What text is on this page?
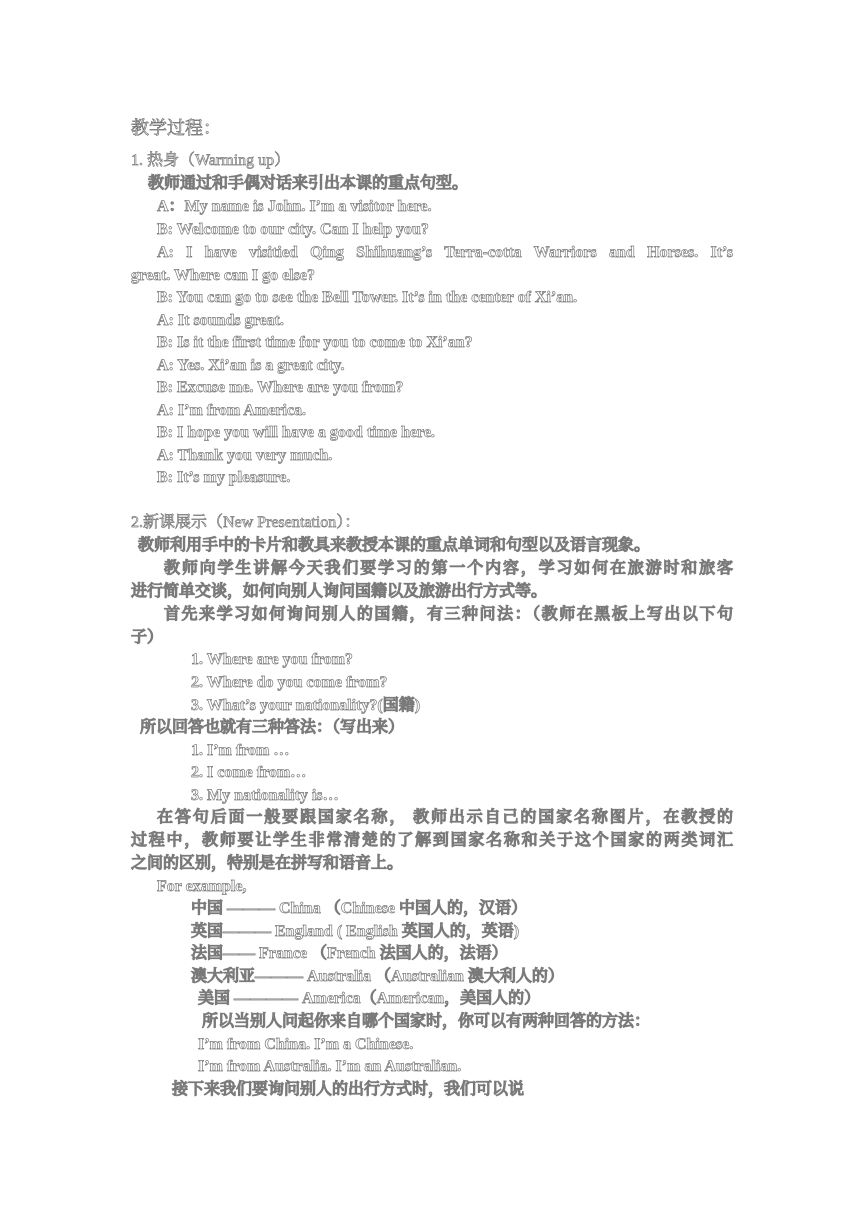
教学过程：
1. 热身（Warming up）
教师通过和手偶对话来引出本课的重点句型。
A：My name is John. I’m a visitor here.
B: Welcome to our city. Can I help you?
A: I have visitied Qing Shihuang’s Terra-cotta Warriors and Horses. It’s
great. Where can I go else?
B: You can go to see the Bell Tower. It’s in the center of Xi’an.
A: It sounds great.
B: Is it the first time for you to come to Xi’an?
A: Yes. Xi’an is a great city.
B: Excuse me. Where are you from?
A: I’m from America.
B: I hope you will have a good time here.
A: Thank you very much.
B: It’s my pleasure.
2.新课展示（New Presentation）：
教师利用手中的卡片和教具来教授本课的重点单词和句型以及语言现象。
教师向学生讲解今天我们要学习的第一个内容，学习如何在旅游时和旅客
进行简单交谈，如何向别人询问国籍以及旅游出行方式等。
首先来学习如何询问别人的国籍，有三种问法：（教师在黑板上写出以下句
子）
1. Where are you from?
2. Where do you come from?
3. What’s your nationality?(国籍)
所以回答也就有三种答法：（写出来）
1. I’m from …
2. I come from…
3. My nationality is…
在答句后面一般要跟国家名称， 教师出示自己的国家名称图片，在教授的
过程中，教师要让学生非常清楚的了解到国家名称和关于这个国家的两类词汇
之间的区别，特别是在拼写和语音上。
For example,
中国 ——— China （Chinese 中国人的，汉语）
英国——— England ( English 英国人的，英语)
法国—— France （French 法国人的，法语）
澳大利亚——— Australia （Australian 澳大利人的）
美国 ———— America（American，美国人的）
所以当别人问起你来自哪个国家时，你可以有两种回答的方法：
I’m from China. I’m a Chinese.
I’m from Australia. I’m an Australian.
接下来我们要询问别人的出行方式时，我们可以说
